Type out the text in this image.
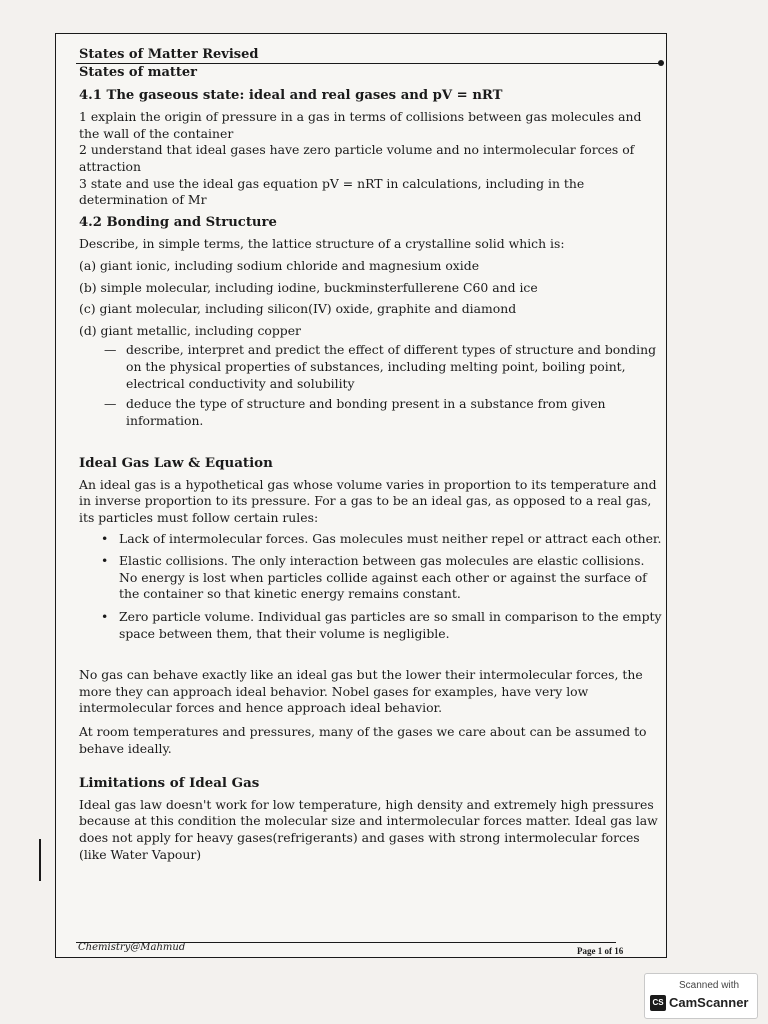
States of Matter Revised
States of matter
4.1 The gaseous state: ideal and real gases and pV = nRT
1 explain the origin of pressure in a gas in terms of collisions between gas molecules and the wall of the container
2 understand that ideal gases have zero particle volume and no intermolecular forces of attraction
3 state and use the ideal gas equation pV = nRT in calculations, including in the determination of Mr
4.2 Bonding and Structure
Describe, in simple terms, the lattice structure of a crystalline solid which is:
(a) giant ionic, including sodium chloride and magnesium oxide
(b) simple molecular, including iodine, buckminsterfullerene C60 and ice
(c) giant molecular, including silicon(IV) oxide, graphite and diamond
(d) giant metallic, including copper
— describe, interpret and predict the effect of different types of structure and bonding on the physical properties of substances, including melting point, boiling point, electrical conductivity and solubility
— deduce the type of structure and bonding present in a substance from given information.
Ideal Gas Law & Equation
An ideal gas is a hypothetical gas whose volume varies in proportion to its temperature and in inverse proportion to its pressure. For a gas to be an ideal gas, as opposed to a real gas, its particles must follow certain rules:
• Lack of intermolecular forces. Gas molecules must neither repel or attract each other.
• Elastic collisions. The only interaction between gas molecules are elastic collisions. No energy is lost when particles collide against each other or against the surface of the container so that kinetic energy remains constant.
• Zero particle volume. Individual gas particles are so small in comparison to the empty space between them, that their volume is negligible.
No gas can behave exactly like an ideal gas but the lower their intermolecular forces, the more they can approach ideal behavior. Nobel gases for examples, have very low intermolecular forces and hence approach ideal behavior.
At room temperatures and pressures, many of the gases we care about can be assumed to behave ideally.
Limitations of Ideal Gas
Ideal gas law doesn't work for low temperature, high density and extremely high pressures because at this condition the molecular size and intermolecular forces matter. Ideal gas law does not apply for heavy gases(refrigerants) and gases with strong intermolecular forces (like Water Vapour)
Chemistry@Mahmud	Page 1 of 16
Scanned with
CS CamScanner
